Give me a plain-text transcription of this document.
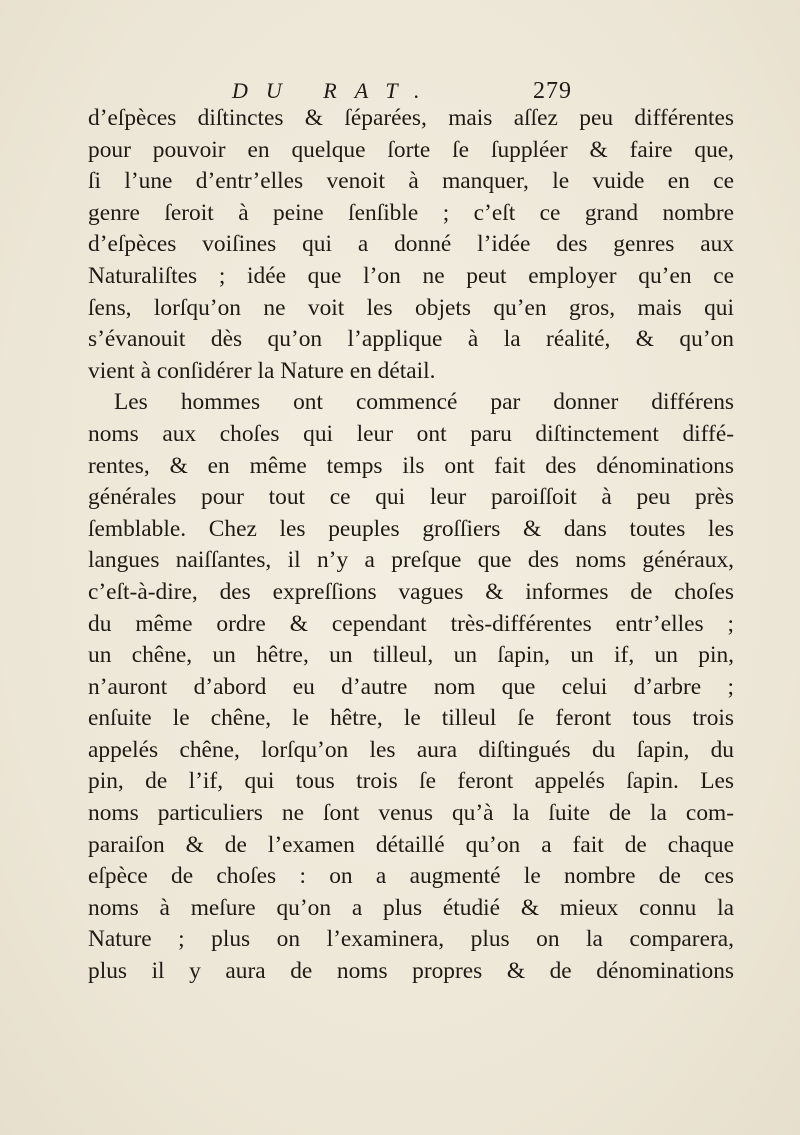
DU RAT.	279
d’eſpèces diſtinctes & ſéparées, mais aſſez peu différentes
pour pouvoir en quelque ſorte ſe ſuppléer & faire que,
ſi l’une d’entr’elles venoit à manquer, le vuide en ce
genre ſeroit à peine ſenſible ; c’eſt ce grand nombre
d’eſpèces voiſines qui a donné l’idée des genres aux
Naturaliſtes ; idée que l’on ne peut employer qu’en ce
ſens, lorſqu’on ne voit les objets qu’en gros, mais qui
s’évanouit dès qu’on l’applique à la réalité, & qu’on
vient à conſidérer la Nature en détail.
Les hommes ont commencé par donner différens
noms aux choſes qui leur ont paru diſtinctement diffé-
rentes, & en même temps ils ont fait des dénominations
générales pour tout ce qui leur paroiſſoit à peu près
ſemblable. Chez les peuples groſſiers & dans toutes les
langues naiſſantes, il n’y a preſque que des noms généraux,
c’eſt-à-dire, des expreſſions vagues & informes de choſes
du même ordre & cependant très-différentes entr’elles ;
un chêne, un hêtre, un tilleul, un ſapin, un if, un pin,
n’auront d’abord eu d’autre nom que celui d’arbre ;
enſuite le chêne, le hêtre, le tilleul ſe feront tous trois
appelés chêne, lorſqu’on les aura diſtingués du ſapin, du
pin, de l’if, qui tous trois ſe feront appelés ſapin. Les
noms particuliers ne ſont venus qu’à la ſuite de la com-
paraiſon & de l’examen détaillé qu’on a fait de chaque
eſpèce de choſes : on a augmenté le nombre de ces
noms à meſure qu’on a plus étudié & mieux connu la
Nature ; plus on l’examinera, plus on la comparera,
plus il y aura de noms propres & de dénominations
